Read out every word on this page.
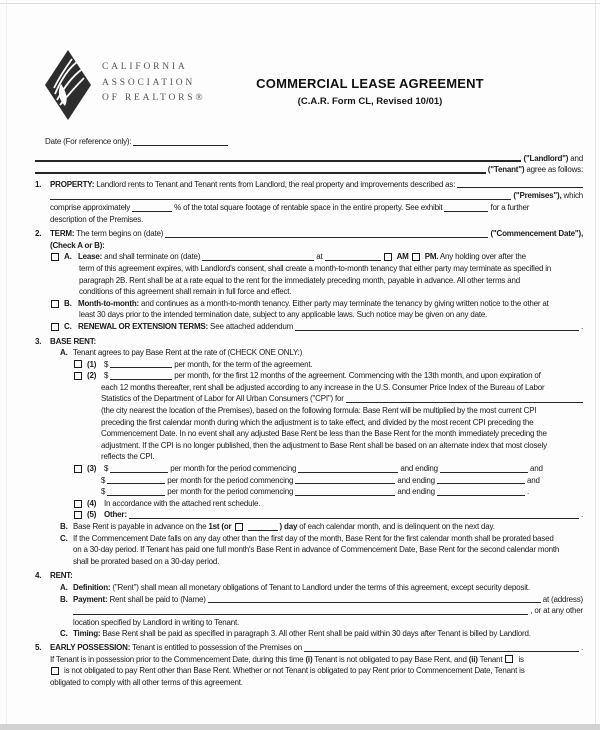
CALIFORNIA
ASSOCIATION
OF REALTORS®
COMMERCIAL LEASE AGREEMENT
(C.A.R. Form CL, Revised 10/01)
Date (For reference only):
("Landlord") and
("Tenant") agree as follows:
1.	PROPERTY: Landlord rents to Tenant and Tenant rents from Landlord, the real property and improvements described as:
("Premises"), which
comprise approximately	% of the total square footage of rentable space in the entire property. See exhibit	for a further
description of the Premises.
2.	TERM: The term begins on (date)	("Commencement Date"),
(Check A or B):
A. Lease: and shall terminate on (date)	at
	AM PM. Any holding over after the
term of this agreement expires, with Landlord's consent, shall create a month-to-month tenancy that either party may terminate as specified in
paragraph 2B. Rent shall be at a rate equal to the rent for the immediately preceding month, payable in advance. All other terms and
conditions of this agreement shall remain in full force and effect.
B. Month-to-month: and continues as a month-to-month tenancy. Either party may terminate the tenancy by giving written notice to the other at
least 30 days prior to the intended termination date, subject to any applicable laws. Such notice may be given on any date.
C. RENEWAL OR EXTENSION TERMS: See attached addendum	.
3.	BASE RENT:
A. Tenant agrees to pay Base Rent at the rate of (CHECK ONE ONLY:)
(1) $	per month, for the term of the agreement.
(2) $	per month, for the first 12 months of the agreement. Commencing with the 13th month, and upon expiration of
each 12 months thereafter, rent shall be adjusted according to any increase in the U.S. Consumer Price Index of the Bureau of Labor
Statistics of the Department of Labor for All Urban Consumers ("CPI") for
(the city nearest the location of the Premises), based on the following formula: Base Rent will be multiplied by the most current CPI
preceding the first calendar month during which the adjustment is to take effect, and divided by the most recent CPI preceding the
Commencement Date. In no event shall any adjusted Base Rent be less than the Base Rent for the month immediately preceding the
adjustment. If the CPI is no longer published, then the adjustment to Base Rent shall be based on an alternate index that most closely
reflects the CPI.
(3) $	per month for the period commencing	and ending	and
$	per month for the period commencing	and ending	and
$	per month for the period commencing	and ending	.
(4) In accordance with the attached rent schedule.
(5) Other:
	.
B. Base Rent is payable in advance on the 1st (or
	) day of each calendar month, and is delinquent on the next day.
C. If the Commencement Date falls on any day other than the first day of the month, Base Rent for the first calendar month shall be prorated based
on a 30-day period. If Tenant has paid one full month's Base Rent in advance of Commencement Date, Base Rent for the second calendar month
shall be prorated based on a 30-day period.
4.	RENT:
A. Definition: ("Rent") shall mean all monetary obligations of Tenant to Landlord under the terms of this agreement, except security deposit.
B. Payment: Rent shall be paid to (Name)	at (address)
, or at any other
location specified by Landlord in writing to Tenant.
C. Timing: Base Rent shall be paid as specified in paragraph 3. All other Rent shall be paid within 30 days after Tenant is billed by Landlord.
5.	EARLY POSSESSION: Tenant is entitled to possession of the Premises on	.
If Tenant is in possession prior to the Commencement Date, during this time (i) Tenant is not obligated to pay Base Rent, and (ii) Tenant is
is not obligated to pay Rent other than Base Rent. Whether or not Tenant is obligated to pay Rent prior to Commencement Date, Tenant is
obligated to comply with all other terms of this agreement.
